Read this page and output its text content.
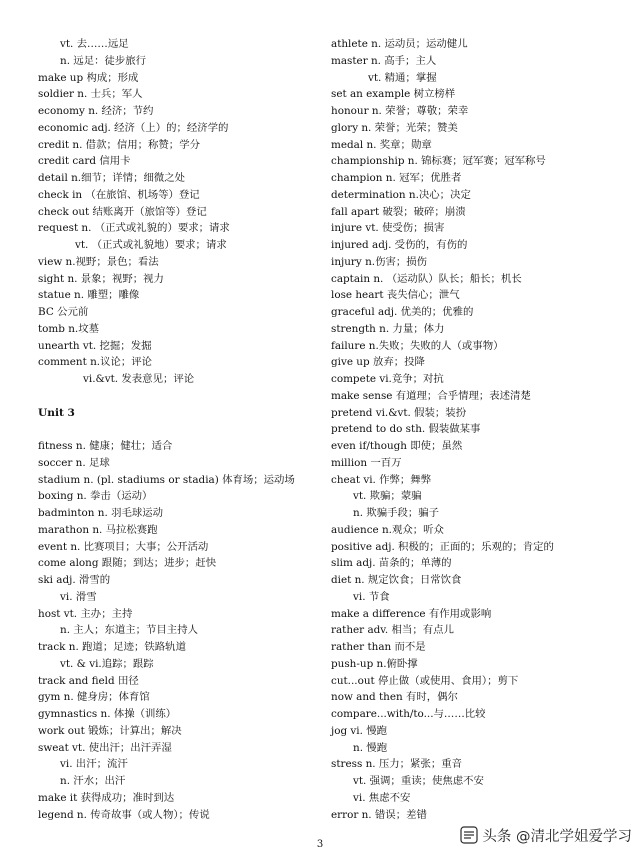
vt. 去……远足
n. 远足：徒步旅行
make up 构成；形成
soldier n. 士兵；军人
economy n. 经济；节约
economic adj. 经济（上）的；经济学的
credit n. 借款；信用；称赞；学分
credit card 信用卡
detail n.细节；详情；细微之处
check in （在旅馆、机场等）登记
check out 结账离开（旅馆等）登记
request n. （正式或礼貌的）要求；请求
vt. （正式或礼貌地）要求；请求
view n.视野；景色；看法
sight n. 景象；视野；视力
statue n. 雕塑；雕像
BC 公元前
tomb n.坟墓
unearth vt. 挖掘；发掘
comment n.议论；评论
vi.&vt. 发表意见；评论
Unit 3
fitness n. 健康；健壮；适合
soccer n. 足球
stadium n. (pl. stadiums or stadia) 体育场；运动场
boxing n. 拳击（运动）
badminton n. 羽毛球运动
marathon n. 马拉松赛跑
event n. 比赛项目；大事；公开活动
come along 跟随；到达；进步；赶快
ski adj. 滑雪的
vi. 滑雪
host vt. 主办；主持
n. 主人；东道主；节目主持人
track n. 跑道；足迹；铁路轨道
vt. & vi.追踪；跟踪
track and field 田径
gym n. 健身房；体育馆
gymnastics n. 体操（训练）
work out 锻炼；计算出；解决
sweat vt. 使出汗；出汗弄湿
vi. 出汗；流汗
n. 汗水；出汗
make it 获得成功；准时到达
legend n. 传奇故事（或人物）；传说
athlete n. 运动员；运动健儿
master n. 高手；主人
vt. 精通；掌握
set an example 树立榜样
honour n. 荣誉；尊敬；荣幸
glory n. 荣誉；光荣；赞美
medal n. 奖章；勋章
championship n. 锦标赛；冠军赛；冠军称号
champion n. 冠军；优胜者
determination n.决心；决定
fall apart 破裂；破碎；崩溃
injure vt. 使受伤；损害
injured adj. 受伤的，有伤的
injury n.伤害；损伤
captain n. （运动队）队长；船长；机长
lose heart 丧失信心；泄气
graceful adj. 优美的；优雅的
strength n. 力量；体力
failure n.失败；失败的人（或事物）
give up 放弃；投降
compete vi.竞争；对抗
make sense 有道理；合乎情理；表述清楚
pretend vi.&vt. 假装；装扮
pretend to do sth. 假装做某事
even if/though 即使；虽然
million 一百万
cheat vi. 作弊；舞弊
vt. 欺骗；蒙骗
n. 欺骗手段；骗子
audience n.观众；听众
positive adj. 积极的；正面的；乐观的；肯定的
slim adj. 苗条的；单薄的
diet n. 规定饮食；日常饮食
vi. 节食
make a difference 有作用或影响
rather adv. 相当；有点儿
rather than 而不是
push-up n.俯卧撑
cut...out 停止做（或使用、食用）；剪下
now and then 有时，偶尔
compare...with/to...与……比较
jog vi. 慢跑
n. 慢跑
stress n. 压力；紧张；重音
vt. 强调；重读；使焦虑不安
vi. 焦虑不安
error n. 错误；差错
3	头条 @清北学姐爱学习
